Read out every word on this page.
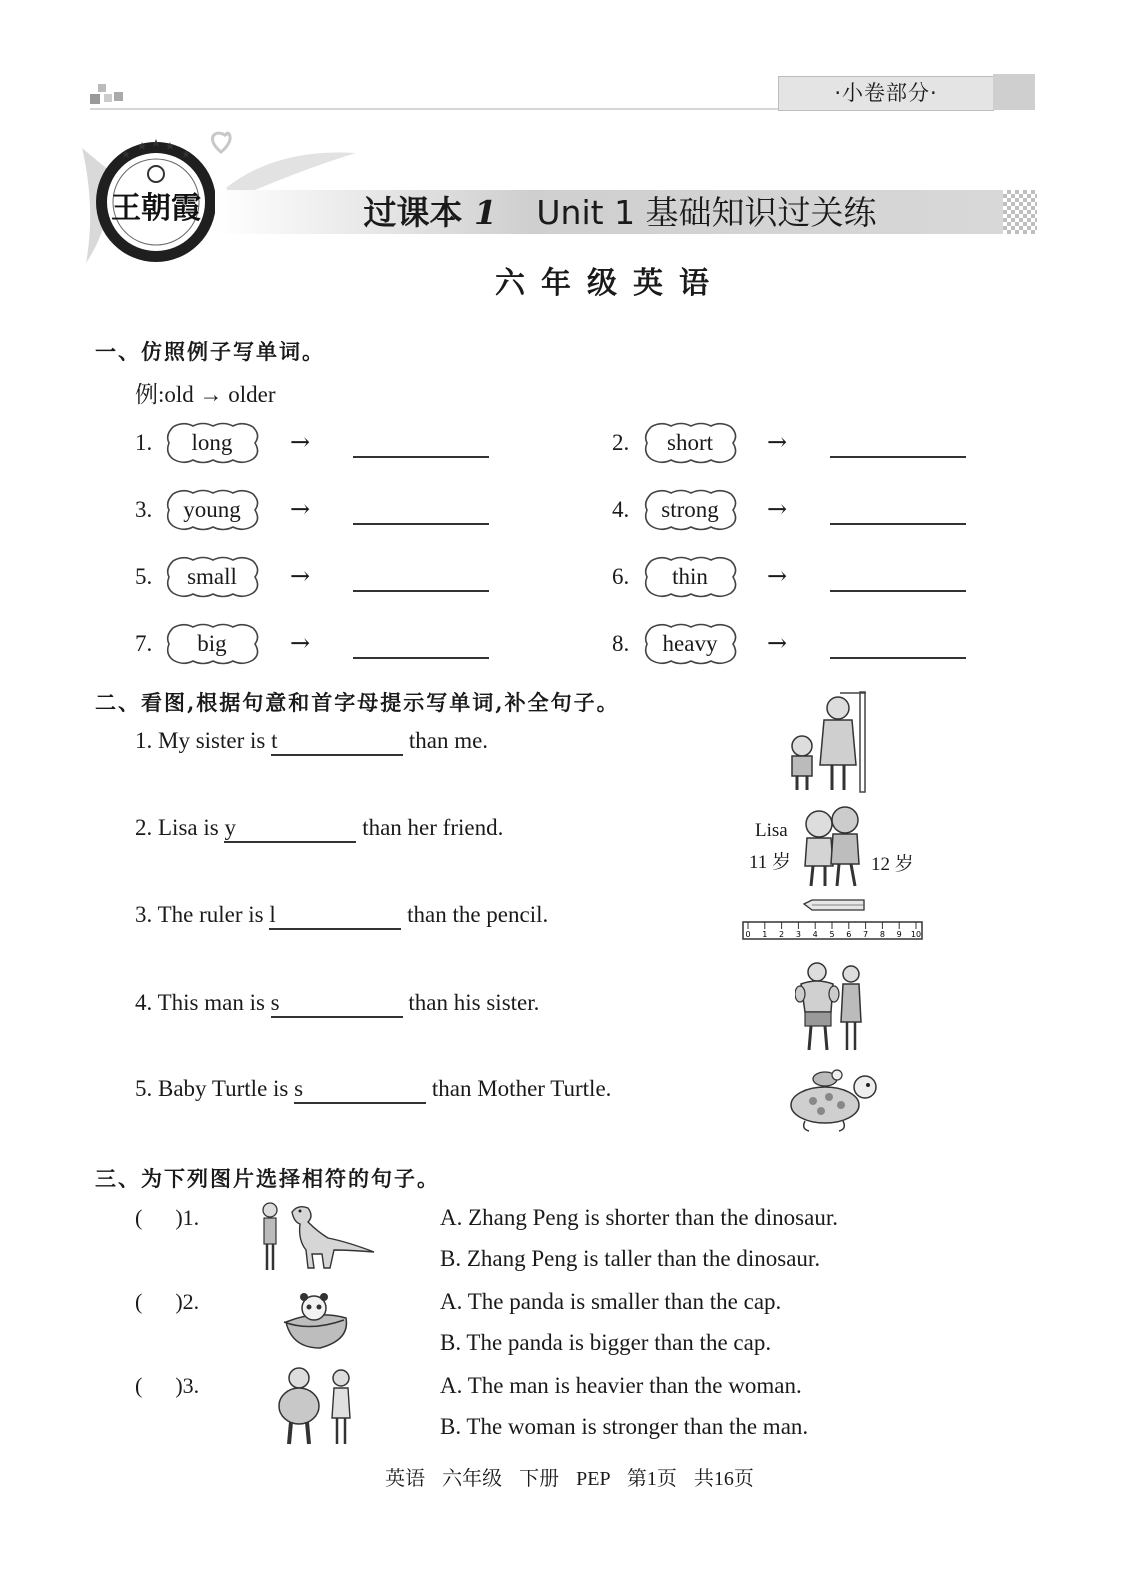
·小卷部分·
王朝霞	过课本 1 Unit 1 基础知识过关练
六年级英语
一、仿照例子写单词。
例:old → older
1.	long	→	2.	short	→
3.	young	→	4.	strong	→
5.	small	→	6.	thin	→
7.	big	→	8.	heavy	→
二、看图,根据句意和首字母提示写单词,补全句子。
1. My sister is t	than me.
2. Lisa is y	than her friend.
3. The ruler is l	than the pencil.
4. This man is s	than his sister.
5. Baby Turtle is s	than Mother Turtle.
Lisa
11 岁	12 岁
0 1 2 3 4 5 6 7 8 9 10
三、为下列图片选择相符的句子。
(      )1.	A. Zhang Peng is shorter than the dinosaur.
B. Zhang Peng is taller than the dinosaur.
(      )2.	A. The panda is smaller than the cap.
B. The panda is bigger than the cap.
(      )3.	A. The man is heavier than the woman.
B. The woman is stronger than the man.
英语 六年级 下册 PEP 第1页 共16页
